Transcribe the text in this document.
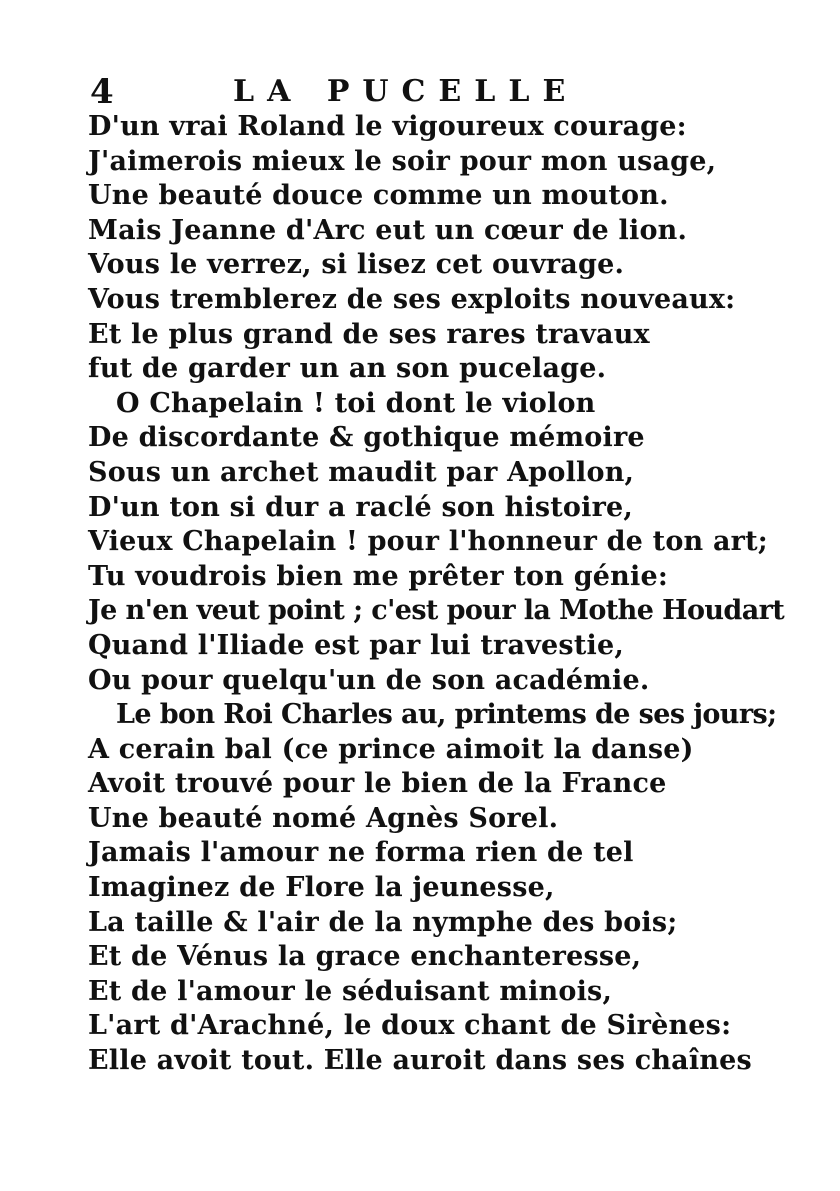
4	LA PUCELLE
D'un vrai Roland le vigoureux courage:
J'aimerois mieux le soir pour mon usage,
Une beauté douce comme un mouton.
Mais Jeanne d'Arc eut un cœur de lion.
Vous le verrez, si lisez cet ouvrage.
Vous tremblerez de ses exploits nouveaux:
Et le plus grand de ses rares travaux
fut de garder un an son pucelage.
O Chapelain ! toi dont le violon
De discordante & gothique mémoire
Sous un archet maudit par Apollon,
D'un ton si dur a raclé son histoire,
Vieux Chapelain ! pour l'honneur de ton art;
Tu voudrois bien me prêter ton génie:
Je n'en veut point ; c'est pour la Mothe Houdart
Quand l'Iliade est par lui travestie,
Ou pour quelqu'un de son académie.
Le bon Roi Charles au, printems de ses jours;
A cerain bal (ce prince aimoit la danse)
Avoit trouvé pour le bien de la France
Une beauté nomé Agnès Sorel.
Jamais l'amour ne forma rien de tel
Imaginez de Flore la jeunesse,
La taille & l'air de la nymphe des bois;
Et de Vénus la grace enchanteresse,
Et de l'amour le séduisant minois,
L'art d'Arachné, le doux chant de Sirènes:
Elle avoit tout. Elle auroit dans ses chaînes
